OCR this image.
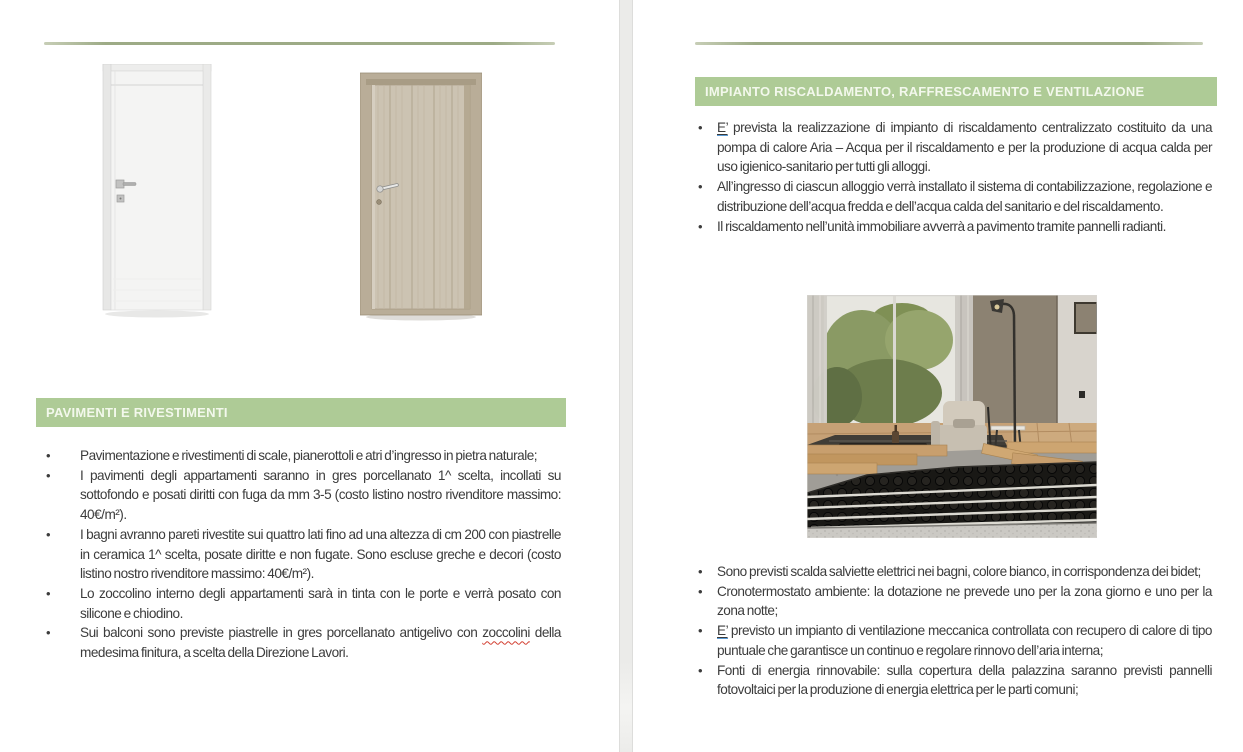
PAVIMENTI E RIVESTIMENTI
• Pavimentazione e rivestimenti di scale, pianerottoli e atri d’ingresso in pietra naturale;
• I pavimenti degli appartamenti saranno in gres porcellanato 1^ scelta, incollati su sottofondo e posati diritti con fuga da mm 3-5 (costo listino nostro rivenditore massimo: 40€/m²).
• I bagni avranno pareti rivestite sui quattro lati fino ad una altezza di cm 200 con piastrelle in ceramica 1^ scelta, posate diritte e non fugate. Sono escluse greche e decori (costo listino nostro rivenditore massimo: 40€/m²).
• Lo zoccolino interno degli appartamenti sarà in tinta con le porte e verrà posato con silicone e chiodino.
• Sui balconi sono previste piastrelle in gres porcellanato antigelivo con zoccolini della medesima finitura, a scelta della Direzione Lavori.
IMPIANTO RISCALDAMENTO, RAFFRESCAMENTO E VENTILAZIONE
• E’ prevista la realizzazione di impianto di riscaldamento centralizzato costituito da una pompa di calore Aria – Acqua per il riscaldamento e per la produzione di acqua calda per uso igienico-sanitario per tutti gli alloggi.
• All’ingresso di ciascun alloggio verrà installato il sistema di contabilizzazione, regolazione e distribuzione dell’acqua fredda e dell’acqua calda del sanitario e del riscaldamento.
• Il riscaldamento nell’unità immobiliare avverrà a pavimento tramite pannelli radianti.
• Sono previsti scalda salviette elettrici nei bagni, colore bianco, in corrispondenza dei bidet;
• Cronotermostato ambiente: la dotazione ne prevede uno per la zona giorno e uno per la zona notte;
• E’ previsto un impianto di ventilazione meccanica controllata con recupero di calore di tipo puntuale che garantisce un continuo e regolare rinnovo dell’aria interna;
• Fonti di energia rinnovabile: sulla copertura della palazzina saranno previsti pannelli fotovoltaici per la produzione di energia elettrica per le parti comuni;
